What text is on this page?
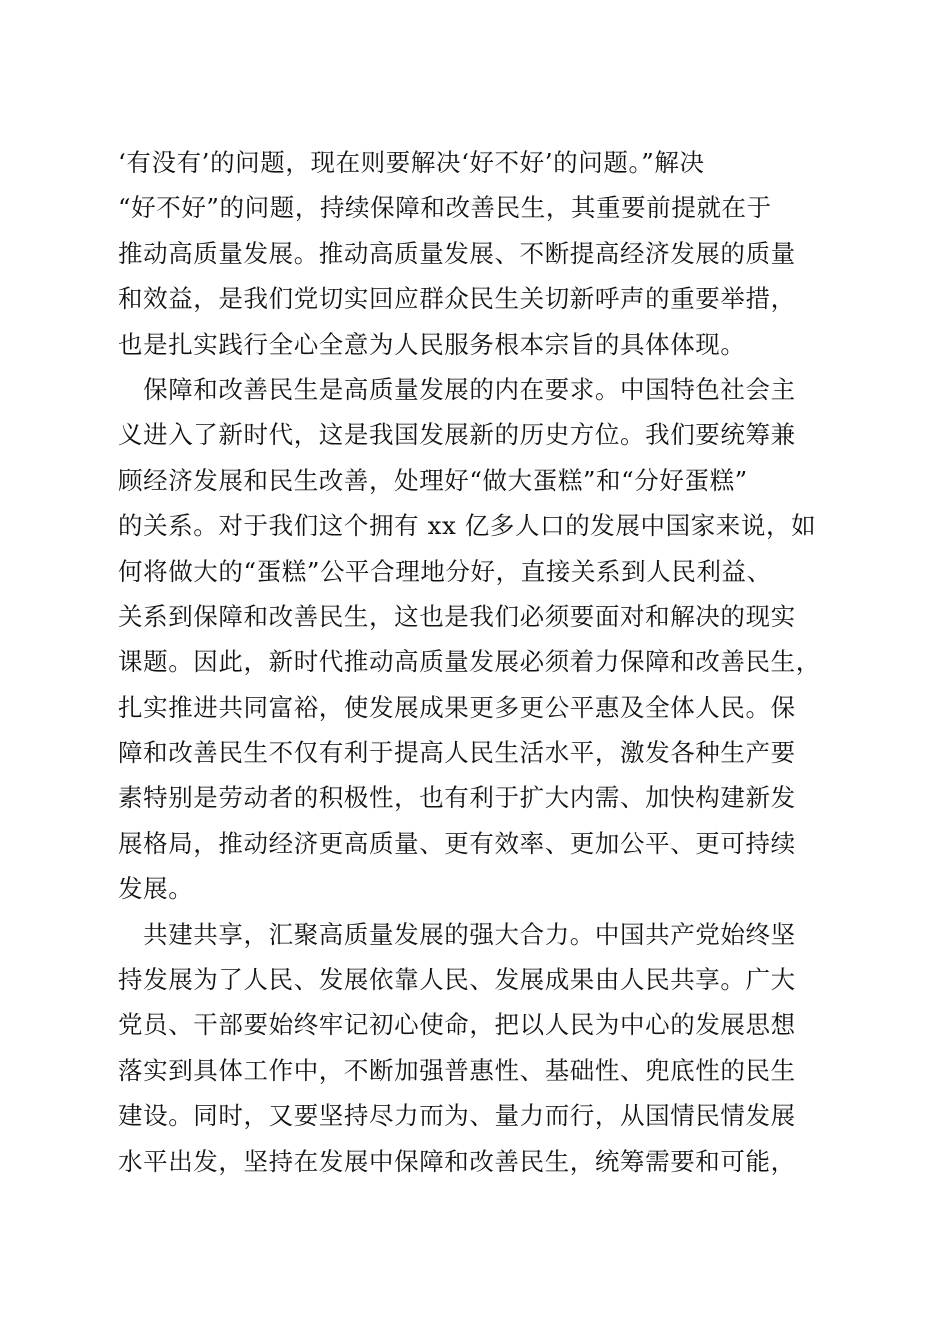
‘有没有’的问题，现在则要解决‘好不好’的问题。”解决
“好不好”的问题，持续保障和改善民生，其重要前提就在于
推动高质量发展。推动高质量发展、不断提高经济发展的质量
和效益，是我们党切实回应群众民生关切新呼声的重要举措，
也是扎实践行全心全意为人民服务根本宗旨的具体体现。
　保障和改善民生是高质量发展的内在要求。中国特色社会主
义进入了新时代，这是我国发展新的历史方位。我们要统筹兼
顾经济发展和民生改善，处理好“做大蛋糕”和“分好蛋糕”
的关系。对于我们这个拥有 xx 亿多人口的发展中国家来说，如
何将做大的“蛋糕”公平合理地分好，直接关系到人民利益、
关系到保障和改善民生，这也是我们必须要面对和解决的现实
课题。因此，新时代推动高质量发展必须着力保障和改善民生，
扎实推进共同富裕，使发展成果更多更公平惠及全体人民。保
障和改善民生不仅有利于提高人民生活水平，激发各种生产要
素特别是劳动者的积极性，也有利于扩大内需、加快构建新发
展格局，推动经济更高质量、更有效率、更加公平、更可持续
发展。
　共建共享，汇聚高质量发展的强大合力。中国共产党始终坚
持发展为了人民、发展依靠人民、发展成果由人民共享。广大
党员、干部要始终牢记初心使命，把以人民为中心的发展思想
落实到具体工作中，不断加强普惠性、基础性、兜底性的民生
建设。同时，又要坚持尽力而为、量力而行，从国情民情发展
水平出发，坚持在发展中保障和改善民生，统筹需要和可能，
